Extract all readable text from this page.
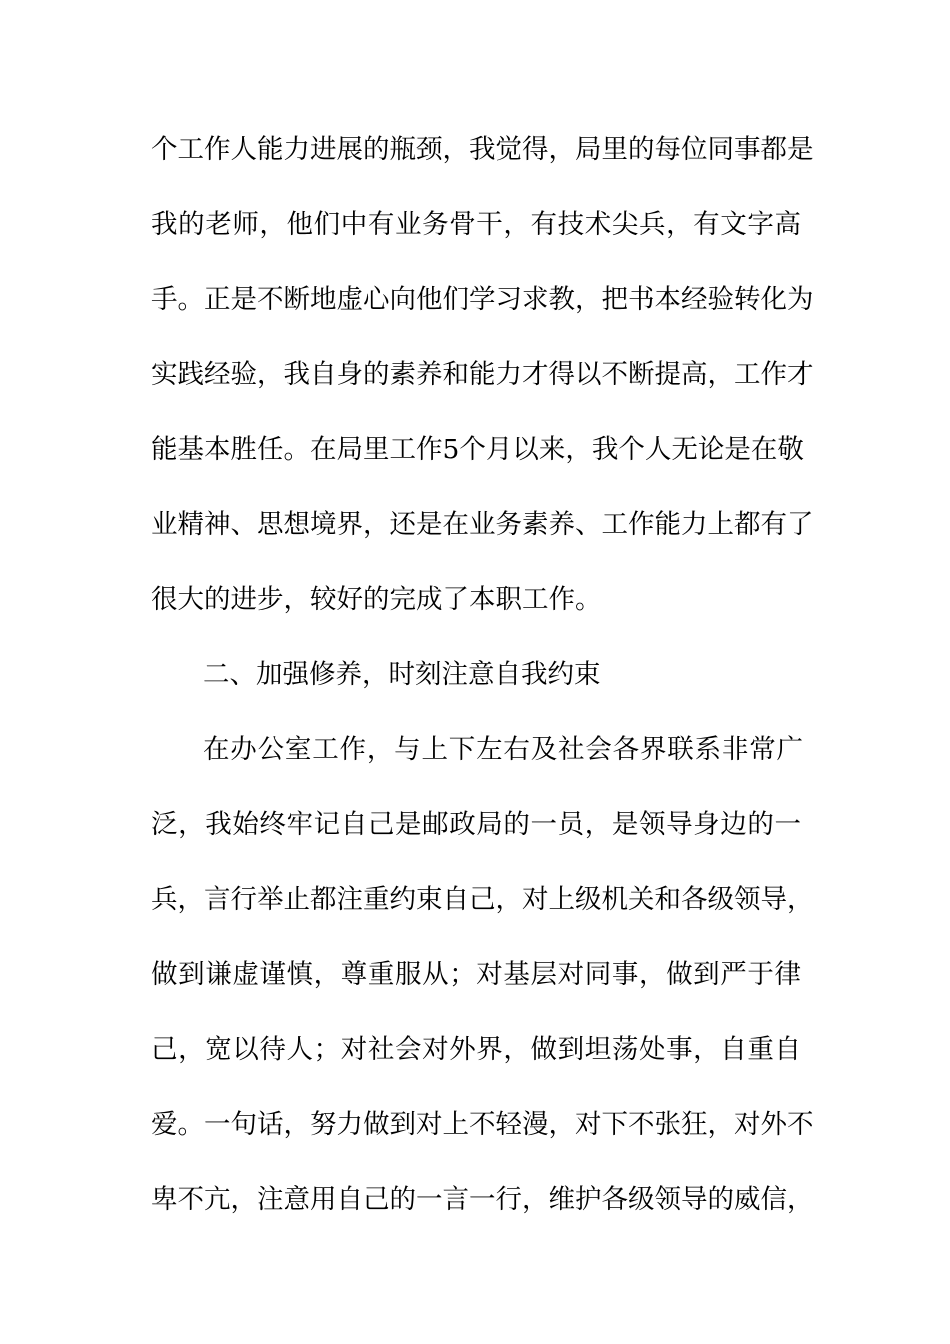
个工作人能力进展的瓶颈，我觉得，局里的每位同事都是
我的老师，他们中有业务骨干，有技术尖兵，有文字高
手。正是不断地虚心向他们学习求教，把书本经验转化为
实践经验，我自身的素养和能力才得以不断提高，工作才
能基本胜任。在局里工作5个月以来，我个人无论是在敬
业精神、思想境界，还是在业务素养、工作能力上都有了
很大的进步，较好的完成了本职工作。
二、加强修养，时刻注意自我约束
在办公室工作，与上下左右及社会各界联系非常广
泛，我始终牢记自己是邮政局的一员，是领导身边的一
兵，言行举止都注重约束自己，对上级机关和各级领导，
做到谦虚谨慎，尊重服从；对基层对同事，做到严于律
己，宽以待人；对社会对外界，做到坦荡处事，自重自
爱。一句话，努力做到对上不轻漫，对下不张狂，对外不
卑不亢，注意用自己的一言一行，维护各级领导的威信，
